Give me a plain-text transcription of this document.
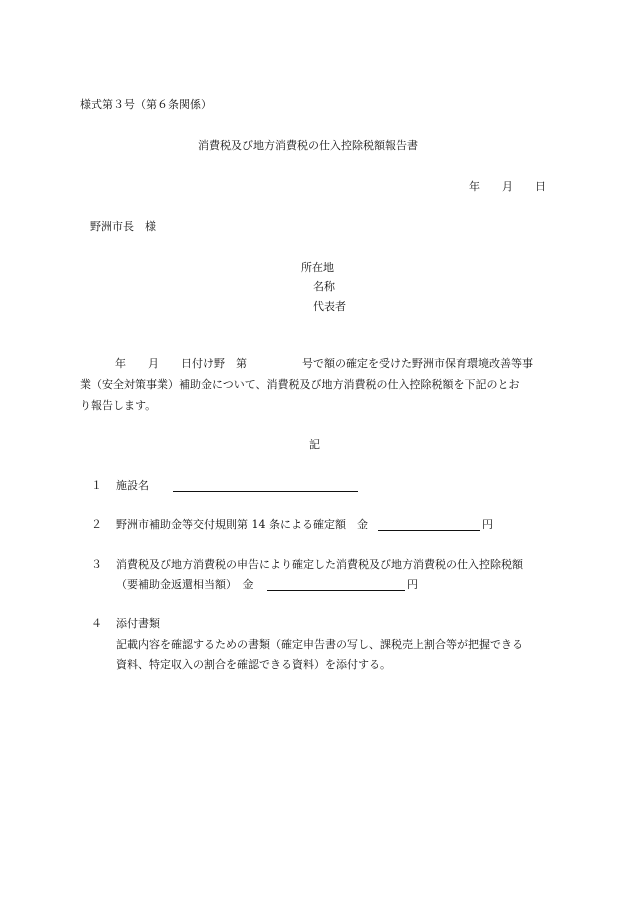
様式第３号（第６条関係）
消費税及び地方消費税の仕入控除税額報告書
年　　月　　日
野洲市長　様
所在地
名称
代表者
年　　月　　日付け野　第	号で額の確定を受けた野洲市保育環境改善等事
業（安全対策事業）補助金について、消費税及び地方消費税の仕入控除税額を下記のとお
り報告します。
記
１ 施設名
２ 野洲市補助金等交付規則第 14 条による確定額　金	円
３ 消費税及び地方消費税の申告により確定した消費税及び地方消費税の仕入控除税額
（要補助金返還相当額）　金	円
４ 添付書類
記載内容を確認するための書類（確定申告書の写し、課税売上割合等が把握できる
資料、特定収入の割合を確認できる資料）を添付する。
